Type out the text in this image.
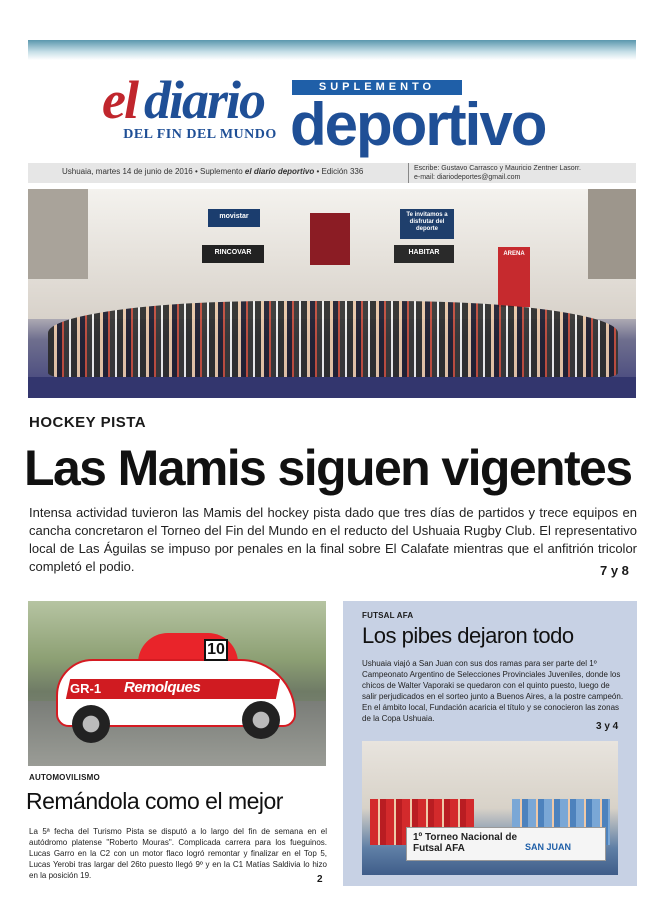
el diario
DEL FIN DEL MUNDO
SUPLEMENTO
deportivo
Ushuaia, martes 14 de junio de 2016 • Suplemento el diario deportivo • Edición 336	Escribe: Gustavo Carrasco y Mauricio Zentner Lasorr.
e-mail: diariodeportes@gmail.com
movistar
RINCOVAR	HABITAR
Te invitamos a disfrutar del deporte
ARENA
HOCKEY PISTA
Las Mamis siguen vigentes
Intensa actividad tuvieron las Mamis del hockey pista dado que tres días de partidos y trece equipos en cancha concretaron el Torneo del Fin del Mundo en el reducto del Ushuaia Rugby Club. El representativo local de Las Águilas se impuso por penales en la final sobre El Calafate mientras que el anfitrión tricolor completó el podio.	7 y 8
GR-1 Remolques
10
AUTOMOVILISMO
Remándola como el mejor
La 5ª fecha del Turismo Pista se disputó a lo largo del fin de semana en el autódromo platense "Roberto Mouras". Complicada carrera para los fueguinos. Lucas Garro en la C2 con un motor flaco logró remontar y finalizar en el Top 5, Lucas Yerobi tras largar del 26to puesto llegó 9º y en la C1 Matías Saldivia lo hizo en la posición 19.	2
FUTSAL AFA
Los pibes dejaron todo
Ushuaia viajó a San Juan con sus dos ramas para ser parte del 1º Campeonato Argentino de Selecciones Provinciales Juveniles, donde los chicos de Walter Vaporaki se quedaron con el quinto puesto, luego de salir perjudicados en el sorteo junto a Buenos Aires, a la postre campeón. En el ámbito local, Fundación acaricia el título y se conocieron las zonas de la Copa Ushuaia.
3 y 4
1º Torneo Nacional de Futsal AFA	SAN JUAN
